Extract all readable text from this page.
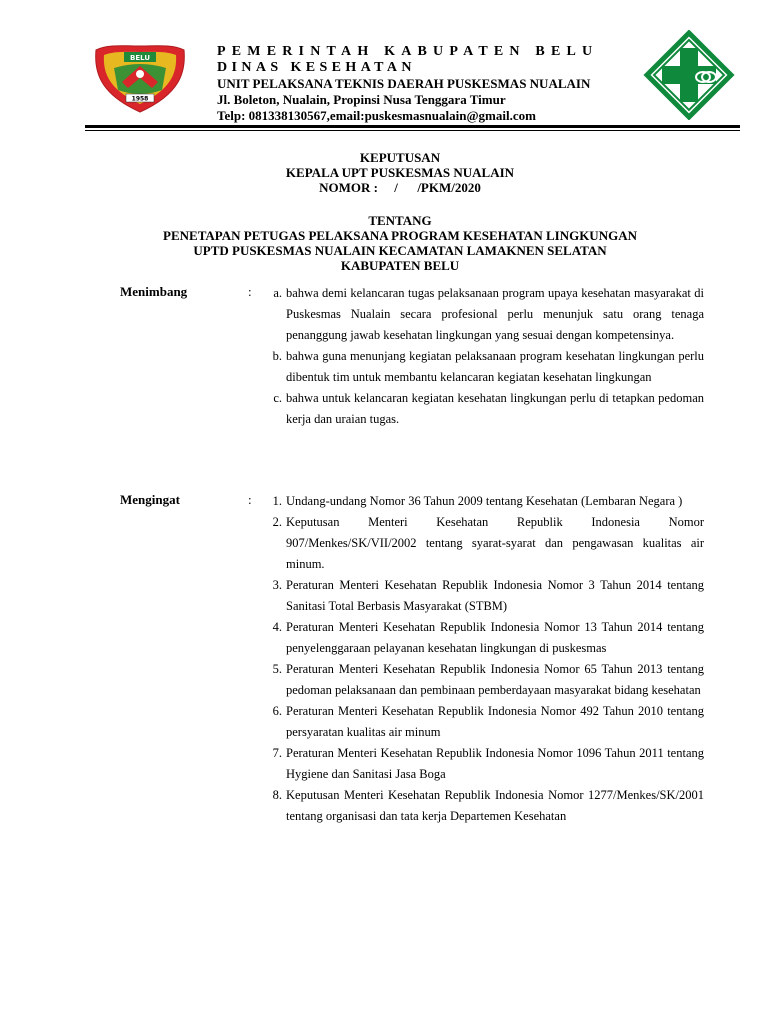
BELU
1958
PEMERINTAH KABUPATEN BELU
DINAS KESEHATAN
UNIT PELAKSANA TEKNIS DAERAH PUSKESMAS NUALAIN
Jl. Boleton, Nualain, Propinsi Nusa Tenggara Timur
Telp: 081338130567,email:puskesmasnualain@gmail.com
KEPUTUSAN
KEPALA UPT PUSKESMAS NUALAIN
NOMOR :     /      /PKM/2020
TENTANG
PENETAPAN PETUGAS PELAKSANA PROGRAM KESEHATAN LINGKUNGAN
UPTD PUSKESMAS NUALAIN KECAMATAN LAMAKNEN SELATAN
KABUPATEN BELU
Menimbang	:	a. bahwa demi kelancaran tugas pelaksanaan program upaya kesehatan masyarakat di Puskesmas Nualain secara profesional perlu menunjuk satu orang tenaga penanggung jawab kesehatan lingkungan yang sesuai dengan kompetensinya.
b. bahwa guna menunjang kegiatan pelaksanaan program kesehatan lingkungan perlu dibentuk tim untuk membantu kelancaran kegiatan kesehatan lingkungan
c. bahwa untuk kelancaran kegiatan kesehatan lingkungan perlu di tetapkan pedoman kerja dan uraian tugas.
Mengingat	:	1. Undang-undang Nomor 36 Tahun 2009 tentang Kesehatan (Lembaran Negara )
2. Keputusan Menteri Kesehatan Republik Indonesia Nomor 907/Menkes/SK/VII/2002 tentang syarat-syarat dan pengawasan kualitas air minum.
3. Peraturan Menteri Kesehatan Republik Indonesia Nomor 3 Tahun 2014 tentang Sanitasi Total Berbasis Masyarakat (STBM)
4. Peraturan Menteri Kesehatan Republik Indonesia Nomor 13 Tahun 2014 tentang penyelenggaraan pelayanan kesehatan lingkungan di puskesmas
5. Peraturan Menteri Kesehatan Republik Indonesia Nomor 65 Tahun 2013 tentang pedoman pelaksanaan dan pembinaan pemberdayaan masyarakat bidang kesehatan
6. Peraturan Menteri Kesehatan Republik Indonesia Nomor 492 Tahun 2010 tentang persyaratan kualitas air minum
7. Peraturan Menteri Kesehatan Republik Indonesia Nomor 1096 Tahun 2011 tentang Hygiene dan Sanitasi Jasa Boga
8. Keputusan Menteri Kesehatan Republik Indonesia Nomor 1277/Menkes/SK/2001 tentang organisasi dan tata kerja Departemen Kesehatan
